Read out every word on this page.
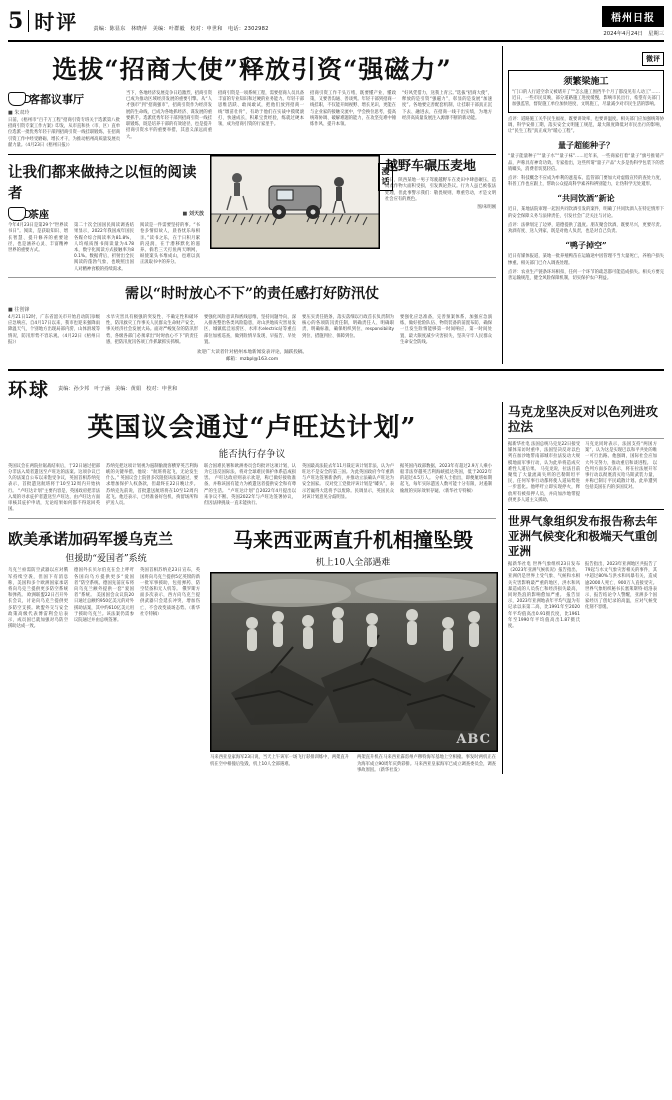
5 时评	责编：陈显东　林晓萍　美编：叶群毅　校对：申世和　电话：2302982
梧州日报
2024年4月24日　星期三
选拔“招商大使”释放引资“强磁力”
客都议事厅
■ 朱双玲
日前，《梧州市“百千万工程”招商引资专班关于选派第八批招商引资专案工作方案》印发，从市直和县（市、区）直单位选派一批优秀年轻干部到招商引资一线挂职锻炼，在招商引资工作中经受磨砺、增长才干，为推动梧州高质量发展贡献力量。（4月23日《梧州日报》）
当下，各地经济发展竞争日趋激烈，招商引资已成为推动区域经济发展的重要引擎。从“人才强市”到“招商强市”，招商引资作为经济发展的生命线，已成为各地抓经济、谋发展的重要抓手。选派优秀年轻干部到招商引资一线挂职锻炼，既是培养干部的有效途径，也是提升招商引资水平的重要举措，其意义深远而重大。
招商引资是一项系统工程，需要招商人员具备丰富的专业知识和过硬的业务能力。年轻干部思维活跃、敢闯敢试，把他们放到招商一线“墩苗壮骨”，有助于他们在实战中摸爬滚打、快速成长，积累宝贵经验，练就过硬本领，成为招商引资的行家里手。
招商引资工作千头万绪，既要懂产业、懂政策，又要善沟通、善谈判。年轻干部到招商一线挂职，不仅能开阔视野、增长见识，更能在与企业家的接触交流中，学会换位思考，提高统筹协调、破解难题的能力，在攻坚克难中锤炼作风、提升本领。
“好风凭借力，送我上青云。”选拔“招商大使”，释放的是引资“强磁力”，彰显的是发展“加速度”。各地要完善配套机制，让挂职干部真正沉下去、融进去，在招商一线干出实绩，为地方经济高质量发展注入源源不断的新动能。
让我们都来做持之以恒的阅读者
茶座	■ 刘天放
今年4月23日是第29个“世界读书日”。阅读，是获取知识、增长智慧、提升修养的重要途径，也是涵养心灵、丰富精神世界的重要方式。
第二十次全国国民阅读调查结果显示，2022年我国成年国民各媒介综合阅读率为81.8%，人均纸质图书阅读量为4.78本，数字化阅读方式接触率为80.1%。数据背后，折射出全民阅读的蓬勃气象，也映照出国人对精神食粮的持续渴求。
阅读是一件需要坚持的事。“书卷多情似故人，晨昏忧乐每相亲。”读书之乐，在于日积月累的浸润，在于潜移默化的滋养。倘若三天打鱼两天晒网，纵使案头书堆成山，也难以真正汲取书中的养分。
越野车碾压麦地
近日，陕西某地一男子驾驶越野车在麦田中肆意碾压，造成农作物大面积受损，引发舆论热议。行为人虽已被依法处理，但此事警示我们：敬畏规则、尊重劳动，才是文明社会应有的底色。
图/朱明刚
漫话
需以“时时放心不下”的责任感打好防汛仗
■ 往创锋
4月21日12时，广东省韶关市开始启动防汛Ⅰ级应急响应。自4月17日以来，我市也迎来强降雨降温天气，个别地方出现局部内涝、山体滑坡等情况，防汛形势不容乐观。（4月22日《梧州日报》）
水旱灾害具有极强的突发性、不确定性和破坏性，防汛救灾工作事关人民群众生命财产安全，事关经济社会发展大局。面对严峻复杂的防汛形势，各级各部门必须拿出“时时放心不下”的责任感，把防汛度汛各项工作抓紧抓实抓细。
要强化风险意识和底线思维，坚持问题导向，深入排查整治各类风险隐患，对山洪地质灾害易发区、城镇低洼易涝区、水库水electric站等重点部位加密巡查，做到险情早发现、早报告、早处置。
要压实责任链条，落实落细以行政首长负责制为核心的各项防汛责任制，明确责任人、明确职责、明确标准，确保组织到位、responsibility到位、措施到位、保障到位。
要强化应急准备，完善预案体系，加强应急演练，做好抢险队伍、物资装备的前置布防，确保一旦发生险情能够第一时间响应、第一时间处置，最大限度减少灾害损失，坚决守牢人民群众生命安全防线。
欢迎广大读者针对梧州本地新闻发表评论，踊跃投稿。
邮箱：mzbpl@163.com
微评
须繁梁施工
“门口的人行道空余又被堵开了”“怎么施工围挡半个月了都没见有人动工”……近日，一些市民反映，部分道路施工进度缓慢，影响市民出行，希望有关部门加强监管，督促施工单位加快进度、文明施工，尽量减少对市民生活的影响。
点评：道路施工关乎民生福祉，既要讲效率，也要讲温度。相关部门应加强统筹协调，科学安排工期，落实安全文明施工规范，最大限度降低对市民出行的影响，让“民生工程”真正成为“暖心工程”。
量子超能种子？
“量子能量种子”“量子水”“量子袜”……近年来，一些商家打着“量子”旗号推销产品，声称具有神奇功效。专家指出，这些所谓“量子产品”大多是伪科学包装下的营销噱头，消费者切莫轻信。
点评：科技概念不应成为牟利的遮羞布。监管部门要加大对虚假宣传的查处力度，科普工作也应跟上，帮助公众提高科学素养和辨别能力，让伪科学无处遁形。
“共同饮酒”新论
近日，某地法院审理一起因共同饮酒引发的案件，明确了共同饮酒人在特定情形下的安全保障义务与法律责任，引发社会广泛关注与讨论。
点评：法律划定了边界，道德提供了温度。朋友聚会饮酒，既要尽兴，更要尽责。劝酒有度、送人到家，既是对他人负责，也是对自己负责。
“鸭子掉空”
近日有媒体报道，某地一批养殖鸭苗在运输途中因管理不当大量死亡，养殖户损失惨重。相关部门已介入调查处理。
点评：农业生产链条环环相扣，任何一个环节的疏忽都可能造成损失。相关方要完善运输规范，健全风险保障机制，切实保护农户利益。
环球 责编：孙少邦　叶子涵　美编：黄娟　校对：申世和
英国议会通过“卢旺达计划”
能否执行存争议
英国议会在两院拉锯战结束后，于22日通过把部分非法入境者遣送至卢旺达的法案。这项争议已久的法案自公布以来饱受争议，英国首相苏纳克表示，首批遣送航班将于10至12周内开始执行。 “卢旺达计划”主要内容是，英国政府把非法入境的寻求庇护者遣送至卢旺达，由卢旺达方面审核其庇护申请，无论结果如何都不得返回英国。
苏纳克把这项计划视为遏制偷渡客横穿英吉利海峡的关键举措，他说：“航班将起飞，无论发生什么。” 英国议会上院曾多次阻挠该法案通过，要求增加保护人权条款，但最终在22日晚让步。 苏纳克先前说，首批遣送航班将在10至12周内起飞。他还表示，已经准备好包机、拘留场所和护送人员。
联合国难民署和欧洲委员会均批评这项计划，认为它违反国际法，将对全球难民保护体系造成损害。 卢旺达政府则表示欢迎，称已做好接收准备，并称该国有能力为被遣送者提供安全和有尊严的生活。 “卢旺达计划”自2022年4月提出以来争议不断。英国2022年与卢旺达签署协议，但因法律挑战一直未能执行。
英国最高法院去年11月裁定该计划非法，认为卢旺达不是安全的第三国。为此英国政府今年重新与卢旺达签署新条约，并推动立法确认卢旺达为安全国家。 反对党工党批评该计划是“噱头”，表示若赢得大选将予以废除。民调显示，英国民众对该计划意见分歧明显。
据英国内政部数据，2023年有超过2.9万人乘小船非法穿越英吉利海峡抵达英国，低于2022年的超过4.5万人。 分析人士指出，即便航班如期起飞，每年实际遣送人数可能十分有限，对遏制偷渡的实际效果存疑。（新华社专特稿）
欧美承诺加码军援乌克兰
但援助“爱国者”系统
乌克兰亟需防空武器以应对俄军持续空袭，但国下有消息称，美国和多个欧洲国家承诺将向乌克兰提供更多防空系统和弹药。 欧洲联盟22日召开外长会议，讨论向乌克兰提供更多防空支援。欧盟外交与安全政策高级代表博雷利会后表示，成员国已就加强对乌防空援助达成一致。
德国外长贝尔伯克在会上呼吁各国向乌方提供更多“爱国者”防空系统。德国先前宣布将向乌克兰额外提供一套“爱国者”系统。 美国国会众议院20日通过总额约950亿美元的对外援助法案，其中约610亿美元用于援助乌克兰。该法案仍需参议院通过并由总统签署。
英国首相苏纳克23日宣布，英国将向乌克兰提供5亿英镑的新一批军事援助，包括弹药、防空装备和无人机等。 俄罗斯方面多次表示，西方向乌克兰提供武器只会延长冲突、增加伤亡，不会改变战场态势。（新华社专特稿）
马来西亚两直升机相撞坠毁
机上10人全部遇难
ABC
马来西亚皇家海军23日说，当天上午该军一场飞行彩排训练中，两架直升机在空中相撞后坠毁，机上10人全部遇难。
两架直升机在马来西亚霹雳州卢穆特海军基地上空相撞。事发时两机正在为海军成立90周年庆典彩排。马来西亚皇家海军已成立调查委员会，调查事故原因。（新华社发）
马克龙坚决反对以色列进攻拉法
据新华社电 法国总统马克龙22日接受媒体采访时重申，法国坚决反对以色列在加沙地带南部城市拉法发动大规模地面军事行动，认为此举将造成灾难性人道后果。 马克龙说，拉法目前聚集了大量流离失所的巴勒斯坦平民，任何军事行动都将使人道局势进一步恶化。他呼吁立即实现停火，释放所有被扣押人员，并向加沙地带提供更多人道主义援助。
马克龙同时表示，法国支持“两国方案”，认为这是实现巴以和平共处的唯一可行出路。他强调，国际社会应加大外交努力，推动重启和谈进程。 以色列方面多次表示，将在拉法展开军事行动以彻底消灭哈马斯武装力量，并称已制订平民疏散计划。此举遭到包括美国在内的多国反对。
世界气象组织发布报告称去年亚洲气候变化和极端天气重创亚洲
据新华社电 世界气象组织23日发布《2023年亚洲气候状况》报告指出，亚洲仍是世界上受气象、气候和水相关灾害影响最严重的地区，洪水和风暴造成的人员伤亡和经济损失最高，同时热浪的影响愈加严重。 报告显示，2023年亚洲地表年平均气温为有记录以来第二高，比1991年至2020年平均值高出0.91摄氏度，比1961年至1990年平均值高出1.87摄氏度。
报告指出，2023年亚洲地区共报告了79起与水文气象灾害相关的事件，其中超过80%与洪水和风暴有关，造成逾2000人死亡、900万人直接受灾。 世界气象组织秘书长塞莱斯特·绍洛表示，报告结论令人警醒，亚洲多个国家经历了创纪录的高温，应对气候变化刻不容缓。
